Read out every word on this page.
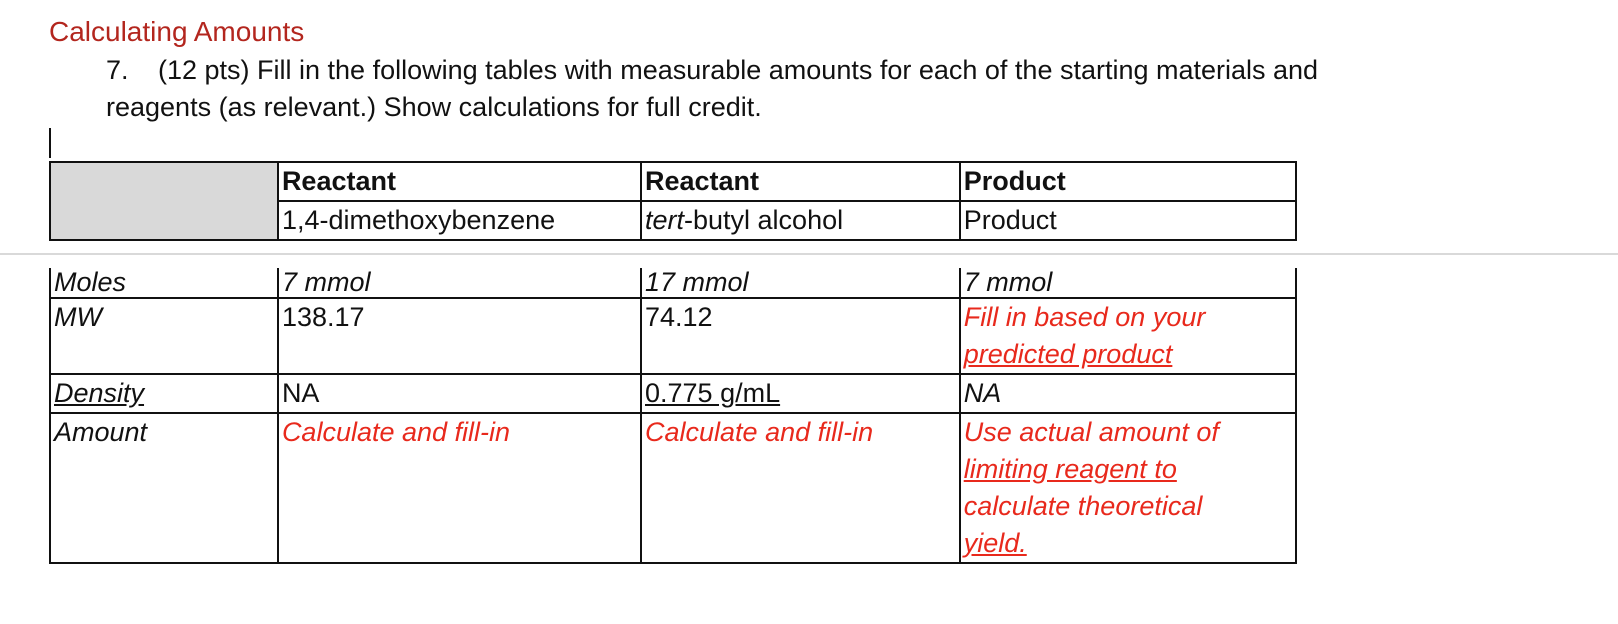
Calculating Amounts
7. (12 pts) Fill in the following tables with measurable amounts for each of the starting materials and
reagents (as relevant.) Show calculations for full credit.
	Reactant	Reactant	Product
	1,4-dimethoxybenzene	tert-butyl alcohol	Product
Moles	7 mmol	17 mmol	7 mmol
MW	138.17	74.12	Fill in based on your
predicted product

Density	NA	0.775 g/mL	NA
Amount	Calculate and fill-in	Calculate and fill-in	Use actual amount of
limiting reagent to
calculate theoretical
yield.
